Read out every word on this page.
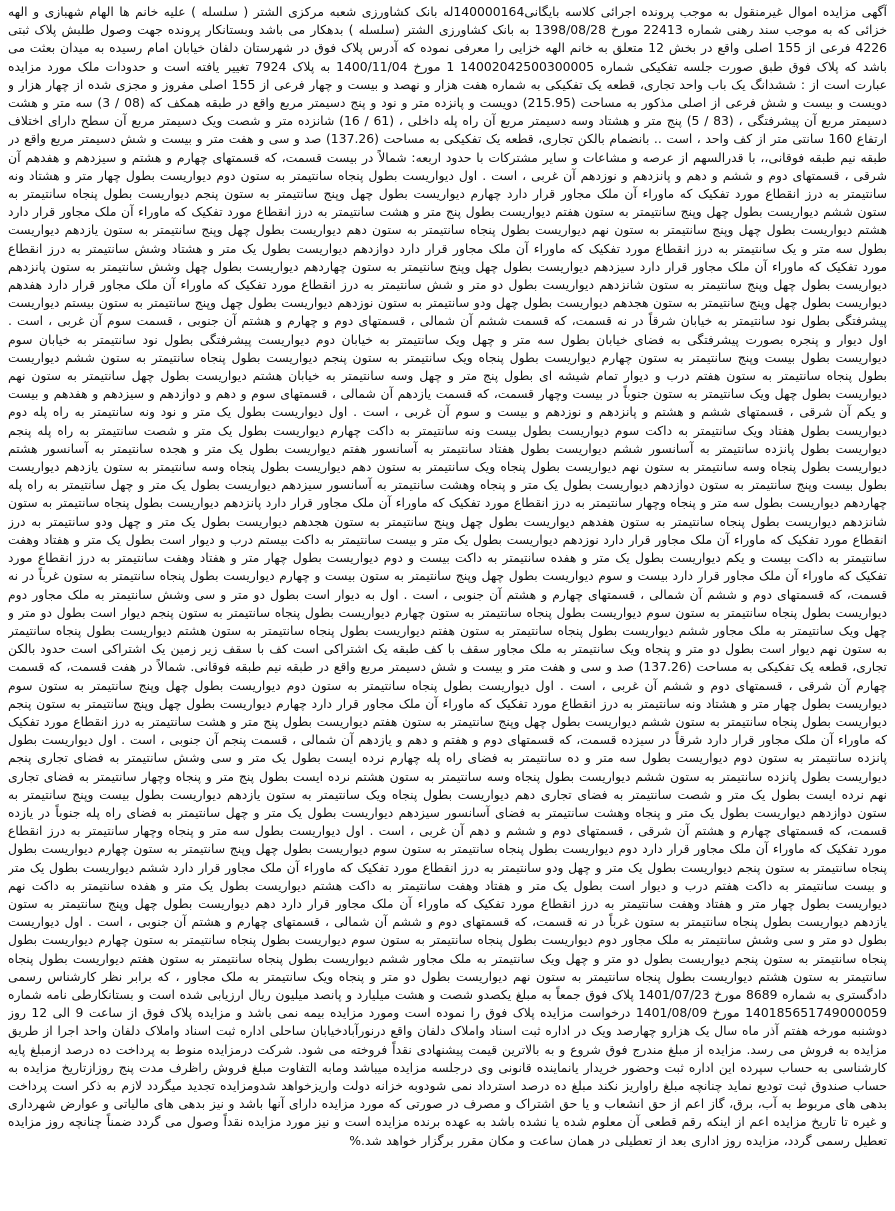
آگهی مزایده اموال غیرمنقول به موجب پرونده اجرائی کلاسه بایگانی140000164له بانک کشاورزی شعبه مرکزی الشتر ( سلسله ) علیه خانم ها الهام شهبازی و الهه خزائی که به موجب سند رهنی شماره 22413 مورخ 1398/08/28 به بانک کشاورزی الشتر (سلسله ) بدهکار می باشد وبستانکار پرونده جهت وصول طلبش پلاک ثبتی 4226 فرعی از 155 اصلی واقع در بخش 12 متعلق به خانم الهه خزایی را معرفی نموده که آدرس پلاک فوق در شهرستان دلفان خیابان امام رسیده به میدان بعثت می باشد که پلاک فوق طبق صورت جلسه تفکیکی شماره 14002042500300005 1 مورخ 1400/11/04 به پلاک 7924 تغییر یافته است و حدودات ملک مورد مزایده عبارت است از : ششدانگ یک باب واحد تجاری، قطعه یک تفکیکی به شماره هفت هزار و نهصد و بیست و چهار فرعی از 155 اصلی مفروز و مجزی شده از چهار هزار و دویست و بیست و شش فرعی از اصلی مذکور به مساحت (215.95) دویست و پانزده متر و نود و پنج دسیمتر مربع واقع در طبقه همکف که (08 / 3) سه متر و هشت دسیمتر مربع آن پیشرفتگی ، (83 / 5) پنج متر و هشتاد وسه دسیمتر مربع آن راه پله داخلی ، (61 / 16) شانزده متر و شصت ویک دسیمتر مربع آن سطح دارای اختلاف ارتفاع 160 سانتی متر از کف واحد ، است .. بانضمام بالکن تجاری، قطعه یک تفکیکی به مساحت (137.26) صد و سی و هفت متر و بیست و شش دسیمتر مربع واقع در طبقه نیم طبقه فوقانی،، با قدرالسهم از عرصه و مشاعات و سایر مشترکات با حدود اربعه: شمالاً در بیست قسمت، که قسمتهای چهارم و هشتم و سیزدهم و هفدهم آن شرقی ، قسمتهای دوم و ششم و دهم و پانزدهم و نوزدهم آن غربی ، است . اول دیواریست بطول پنجاه سانتیمتر به ستون دوم دیواریست بطول چهار متر و هشتاد ونه سانتیمتر به درز انقطاع مورد تفکیک که ماوراء آن ملک مجاور قرار دارد چهارم دیواریست بطول چهل وپنج سانتیمتر به ستون پنجم دیواریست بطول پنجاه سانتیمتر به ستون ششم دیواریست بطول چهل وپنج سانتیمتر به ستون هفتم دیواریست بطول پنج متر و هشت سانتیمتر به درز انقطاع مورد تفکیک که ماوراء آن ملک مجاور قرار دارد هشتم دیواریست بطول چهل وپنج سانتیمتر به ستون نهم دیواریست بطول پنجاه سانتیمتر به ستون دهم دیواریست بطول چهل وپنج سانتیمتر به ستون یازدهم دیواریست بطول سه متر و یک سانتیمتر به درز انقطاع مورد تفکیک که ماوراء آن ملک مجاور قرار دارد دوازدهم دیواریست بطول یک متر و هشتاد وشش سانتیمتر به درز انقطاع مورد تفکیک که ماوراء آن ملک مجاور قرار دارد سیزدهم دیواریست بطول چهل وپنج سانتیمتر به ستون چهاردهم دیواریست بطول چهل وشش سانتیمتر به ستون پانزدهم دیواریست بطول چهل وپنج سانتیمتر به ستون شانزدهم دیواریست بطول دو متر و شش سانتیمتر به درز انقطاع مورد تفکیک که ماوراء آن ملک مجاور قرار دارد هفدهم دیواریست بطول چهل وپنج سانتیمتر به ستون هجدهم دیواریست بطول چهل ودو سانتیمتر به ستون نوزدهم دیواریست بطول چهل وپنج سانتیمتر به ستون بیستم دیواریست پیشرفتگی بطول نود سانتیمتر به خیابان شرقاً در نه قسمت، که قسمت ششم آن شمالی ، قسمتهای دوم و چهارم و هشتم آن جنوبی ، قسمت سوم آن غربی ، است . اول دیوار و پنجره بصورت پیشرفتگی به فضای خیابان بطول سه متر و چهل ویک سانتیمتر به خیابان دوم دیواریست پیشرفتگی بطول نود سانتیمتر به خیابان سوم دیواریست بطول بیست وپنج سانتیمتر به ستون چهارم دیواریست بطول پنجاه ویک سانتیمتر به ستون پنجم دیواریست بطول پنجاه سانتیمتر به ستون ششم دیواریست بطول پنجاه سانتیمتر به ستون هفتم درب و دیوار تمام شیشه ای بطول پنج متر و چهل وسه سانتیمتر به خیابان هشتم دیواریست بطول چهل سانتیمتر به ستون نهم دیواریست بطول چهل ویک سانتیمتر به ستون جنوباً در بیست وچهار قسمت، که قسمت یازدهم آن شمالی ، قسمتهای سوم و دهم و دوازدهم و سیزدهم و هفدهم و بیست و یکم آن شرقی ، قسمتهای ششم و هشتم و پانزدهم و نوزدهم و بیست و سوم آن غربی ، است . اول دیواریست بطول یک متر و نود ونه سانتیمتر به راه پله دوم دیواریست بطول هفتاد ویک سانتیمتر به داکت سوم دیواریست بطول بیست ونه سانتیمتر به داکت چهارم دیواریست بطول یک متر و شصت سانتیمتر به راه پله پنجم دیواریست بطول پانزده سانتیمتر به آسانسور ششم دیواریست بطول هفتاد سانتیمتر به آسانسور هفتم دیواریست بطول یک متر و هجده سانتیمتر به آسانسور هشتم دیواریست بطول پنجاه وسه سانتیمتر به ستون نهم دیواریست بطول پنجاه ویک سانتیمتر به ستون دهم دیواریست بطول پنجاه وسه سانتیمتر به ستون یازدهم دیواریست بطول بیست وپنج سانتیمتر به ستون دوازدهم دیواریست بطول یک متر و پنجاه وهشت سانتیمتر به آسانسور سیزدهم دیواریست بطول یک متر و چهل سانتیمتر به راه پله چهاردهم دیواریست بطول سه متر و پنجاه وچهار سانتیمتر به درز انقطاع مورد تفکیک که ماوراء آن ملک مجاور قرار دارد پانزدهم دیواریست بطول پنجاه سانتیمتر به ستون شانزدهم دیواریست بطول پنجاه سانتیمتر به ستون هفدهم دیواریست بطول چهل وپنج سانتیمتر به ستون هجدهم دیواریست بطول یک متر و چهل ودو سانتیمتر به درز انقطاع مورد تفکیک که ماوراء آن ملک مجاور قرار دارد نوزدهم دیواریست بطول یک متر و بیست سانتیمتر به داکت بیستم درب و دیوار است بطول یک متر و هفتاد وهفت سانتیمتر به داکت بیست و یکم دیواریست بطول یک متر و هفده سانتیمتر به داکت بیست و دوم دیواریست بطول چهار متر و هفتاد وهفت سانتیمتر به درز انقطاع مورد تفکیک که ماوراء آن ملک مجاور قرار دارد بیست و سوم دیواریست بطول چهل وپنج سانتیمتر به ستون بیست و چهارم دیواریست بطول پنجاه سانتیمتر به ستون غرباً در نه قسمت، که قسمتهای دوم و ششم آن شمالی ، قسمتهای چهارم و هشتم آن جنوبی ، است . اول به دیوار است بطول دو متر و سی وشش سانتیمتر به ملک مجاور دوم دیواریست بطول پنجاه سانتیمتر به ستون سوم دیواریست بطول پنجاه سانتیمتر به ستون چهارم دیواریست بطول پنجاه سانتیمتر به ستون پنجم دیوار است بطول دو متر و چهل ویک سانتیمتر به ملک مجاور ششم دیواریست بطول پنجاه سانتیمتر به ستون هفتم دیواریست بطول پنجاه سانتیمتر به ستون هشتم دیواریست بطول پنجاه سانتیمتر به ستون نهم دیوار است بطول دو متر و پنجاه ویک سانتیمتر به ملک مجاور سقف با کف طبقه یک اشتراکی است کف با سقف زیر زمین یک اشتراکی است حدود بالکن تجاری، قطعه یک تفکیکی به مساحت (137.26) صد و سی و هفت متر و بیست و شش دسیمتر مربع واقع در طبقه نیم طبقه فوقانی. شمالاً در هفت قسمت، که قسمت چهارم آن شرقی ، قسمتهای دوم و ششم آن غربی ، است . اول دیواریست بطول پنجاه سانتیمتر به ستون دوم دیواریست بطول چهل وپنج سانتیمتر به ستون سوم دیواریست بطول چهار متر و هشتاد ونه سانتیمتر به درز انقطاع مورد تفکیک که ماوراء آن ملک مجاور قرار دارد چهارم دیواریست بطول چهل وپنج سانتیمتر به ستون پنجم دیواریست بطول پنجاه سانتیمتر به ستون ششم دیواریست بطول چهل وپنج سانتیمتر به ستون هفتم دیواریست بطول پنج متر و هشت سانتیمتر به درز انقطاع مورد تفکیک که ماوراء آن ملک مجاور قرار دارد شرقاً در سیزده قسمت، که قسمتهای دوم و هفتم و دهم و یازدهم آن شمالی ، قسمت پنجم آن جنوبی ، است . اول دیواریست بطول پانزده سانتیمتر به ستون دوم دیواریست بطول سه متر و ده سانتیمتر به فضای راه پله چهارم نرده ایست بطول یک متر و سی وشش سانتیمتر به فضای تجاری پنجم دیواریست بطول پانزده سانتیمتر به ستون ششم دیواریست بطول پنجاه وسه سانتیمتر به ستون هشتم نرده ایست بطول پنج متر و پنجاه وچهار سانتیمتر به فضای تجاری نهم نرده ایست بطول یک متر و شصت سانتیمتر به فضای تجاری دهم دیواریست بطول پنجاه ویک سانتیمتر به ستون یازدهم دیواریست بطول بیست وپنج سانتیمتر به ستون دوازدهم دیواریست بطول یک متر و پنجاه وهشت سانتیمتر به فضای آسانسور سیزدهم دیواریست بطول یک متر و چهل سانتیمتر به فضای راه پله جنوباً در یازده قسمت، که قسمتهای چهارم و هشتم آن شرقی ، قسمتهای دوم و ششم و دهم آن غربی ، است . اول دیواریست بطول سه متر و پنجاه وچهار سانتیمتر به درز انقطاع مورد تفکیک که ماوراء آن ملک مجاور قرار دارد دوم دیواریست بطول پنجاه سانتیمتر به ستون سوم دیواریست بطول چهل وپنج سانتیمتر به ستون چهارم دیواریست بطول پنجاه سانتیمتر به ستون پنجم دیواریست بطول یک متر و چهل ودو سانتیمتر به درز انقطاع مورد تفکیک که ماوراء آن ملک مجاور قرار دارد ششم دیواریست بطول یک متر و بیست سانتیمتر به داکت هفتم درب و دیوار است بطول یک متر و هفتاد وهفت سانتیمتر به داکت هشتم دیواریست بطول یک متر و هفده سانتیمتر به داکت نهم دیواریست بطول چهار متر و هفتاد وهفت سانتیمتر به درز انقطاع مورد تفکیک که ماوراء آن ملک مجاور قرار دارد دهم دیواریست بطول چهل وپنج سانتیمتر به ستون یازدهم دیواریست بطول پنجاه سانتیمتر به ستون غرباً در نه قسمت، که قسمتهای دوم و ششم آن شمالی ، قسمتهای چهارم و هشتم آن جنوبی ، است . اول دیواریست بطول دو متر و سی وشش سانتیمتر به ملک مجاور دوم دیواریست بطول پنجاه سانتیمتر به ستون سوم دیواریست بطول پنجاه سانتیمتر به ستون چهارم دیواریست بطول پنجاه سانتیمتر به ستون پنجم دیواریست بطول دو متر و چهل ویک سانتیمتر به ملک مجاور ششم دیواریست بطول پنجاه سانتیمتر به ستون هفتم دیواریست بطول پنجاه سانتیمتر به ستون هشتم دیواریست بطول پنجاه سانتیمتر به ستون نهم دیواریست بطول دو متر و پنجاه ویک سانتیمتر به ملک مجاور ، که برابر نظر کارشناس رسمی دادگستری به شماره 8689 مورخ 1401/07/23 پلاک فوق جمعاً به مبلغ یکصدو شصت و هشت میلیارد و پانصد میلیون ریال ارزیابی شده است و بستانکارطی نامه شماره 140185651749000059 مورخ 1401/08/09 درخواست مزایده پلاک فوق را نموده است ومورد مزایده بیمه نمی باشد و مزایده پلاک فوق از ساعت 9 الی 12 روز دوشنبه مورخه هفتم آذر ماه سال یک هزارو چهارصد ویک در اداره ثبت اسناد واملاک دلفان واقع درنورآبادخیابان ساحلی اداره ثبت اسناد واملاک دلفان واحد اجرا از طریق مزایده به فروش می رسد. مزایده از مبلغ مندرج فوق شروع و به بالاترین قیمت پیشنهادی نقداً فروخته می شود. شرکت درمزایده منوط به پرداخت ده درصد ازمبلغ پایه کارشناسی به حساب سپرده این اداره ثبت وحضور خریدار یانماینده قانونی وی درجلسه مزایده میباشد ومابه التفاوت مبلغ فروش راظرف مدت پنج روزازتاریخ مزایده به حساب صندوق ثبت تودیع نماید چنانچه مبلغ راواریز نکند مبلغ ده درصد استرداد نمی شودوبه خزانه دولت واریزخواهد شدومزایده تجدید میگردد لازم به ذکر است پرداخت بدهی های مربوط به آب، برق، گاز اعم از حق انشعاب و یا حق اشتراک و مصرف در صورتی که مورد مزایده دارای آنها باشد و نیز بدهی های مالیاتی و عوارض شهرداری و غیره تا تاریخ مزایده اعم از اینکه رقم قطعی آن معلوم شده یا نشده باشد به عهده برنده مزایده است و نیز مورد مزایده نقداً وصول می گردد ضمناً چنانچه روز مزایده تعطیل رسمی گردد، مزایده روز اداری بعد از تعطیلی در همان ساعت و مکان مقرر برگزار خواهد شد.%
